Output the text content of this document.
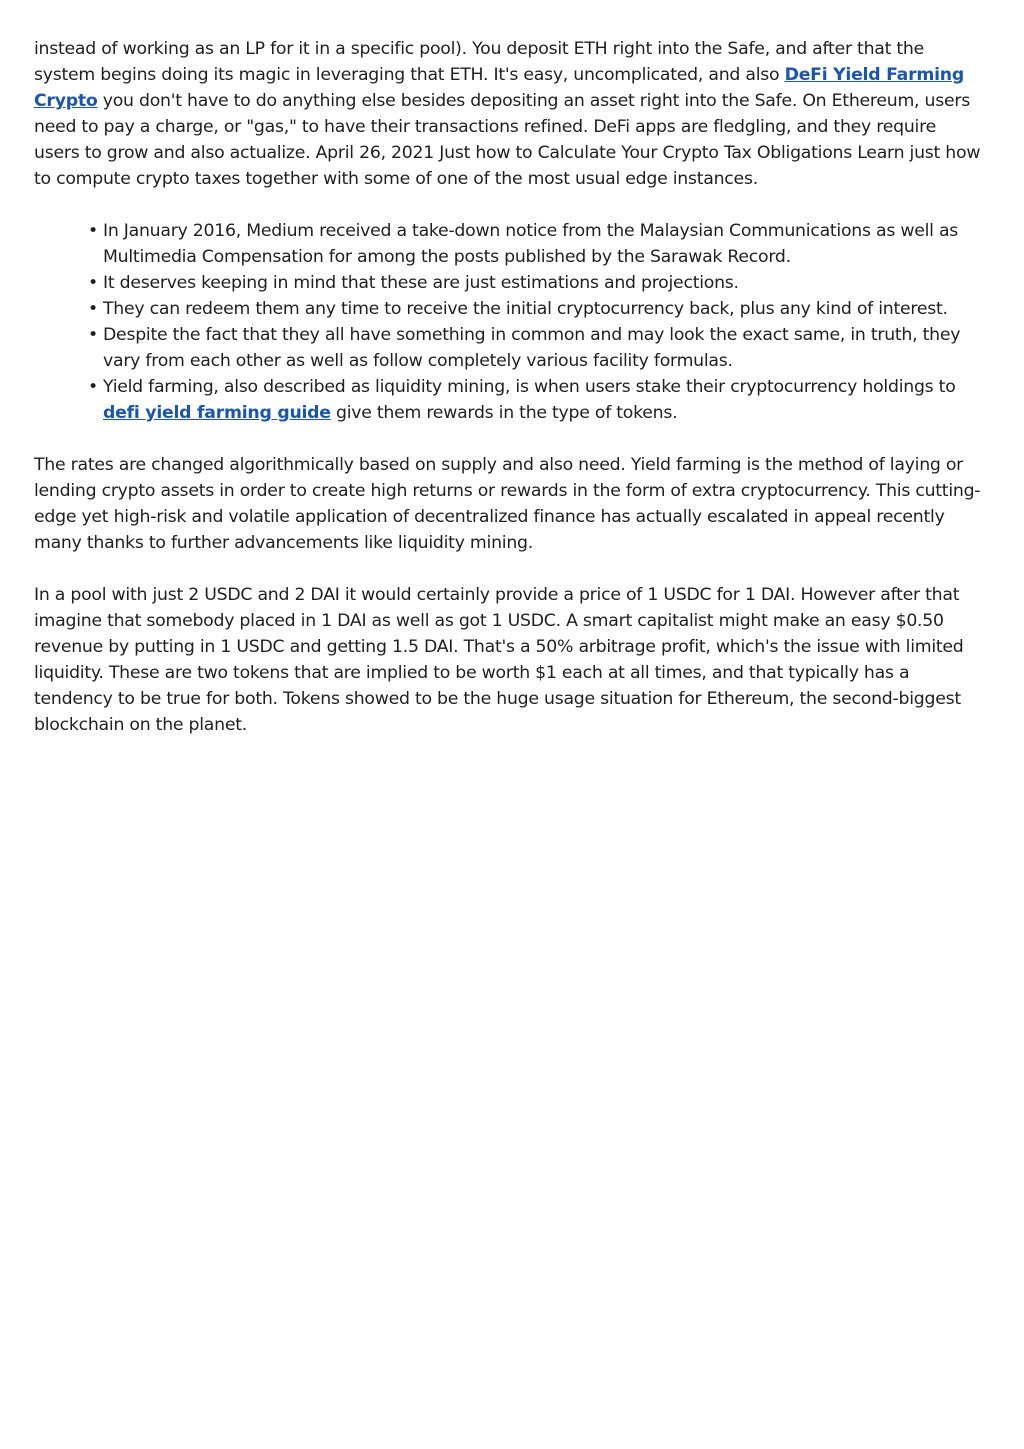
instead of working as an LP for it in a specific pool). You deposit ETH right into the Safe, and after that the system begins doing its magic in leveraging that ETH. It's easy, uncomplicated, and also DeFi Yield Farming Crypto you don't have to do anything else besides depositing an asset right into the Safe. On Ethereum, users need to pay a charge, or "gas," to have their transactions refined. DeFi apps are fledgling, and they require users to grow and also actualize. April 26, 2021 Just how to Calculate Your Crypto Tax Obligations Learn just how to compute crypto taxes together with some of one of the most usual edge instances.

• In January 2016, Medium received a take-down notice from the Malaysian Communications as well as Multimedia Compensation for among the posts published by the Sarawak Record.
• It deserves keeping in mind that these are just estimations and projections.
• They can redeem them any time to receive the initial cryptocurrency back, plus any kind of interest.
• Despite the fact that they all have something in common and may look the exact same, in truth, they vary from each other as well as follow completely various facility formulas.
• Yield farming, also described as liquidity mining, is when users stake their cryptocurrency holdings to defi yield farming guide give them rewards in the type of tokens.

The rates are changed algorithmically based on supply and also need. Yield farming is the method of laying or lending crypto assets in order to create high returns or rewards in the form of extra cryptocurrency. This cutting-edge yet high-risk and volatile application of decentralized finance has actually escalated in appeal recently many thanks to further advancements like liquidity mining.

In a pool with just 2 USDC and 2 DAI it would certainly provide a price of 1 USDC for 1 DAI. However after that imagine that somebody placed in 1 DAI as well as got 1 USDC. A smart capitalist might make an easy $0.50 revenue by putting in 1 USDC and getting 1.5 DAI. That's a 50% arbitrage profit, which's the issue with limited liquidity. These are two tokens that are implied to be worth $1 each at all times, and that typically has a tendency to be true for both. Tokens showed to be the huge usage situation for Ethereum, the second-biggest blockchain on the planet.
